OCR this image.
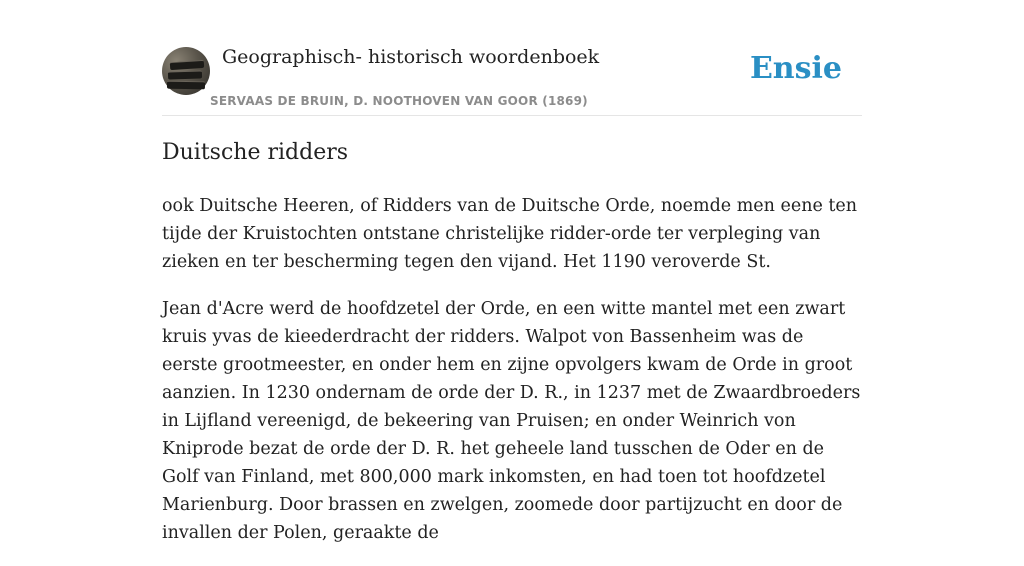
Geographisch- historisch woordenboek
SERVAAS DE BRUIN, D. NOOTHOVEN VAN GOOR (1869)
Ensie
Duitsche ridders

ook Duitsche Heeren, of Ridders van de Duitsche Orde, noemde men eene ten tijde der Kruistochten ontstane christelijke ridder-orde ter verpleging van zieken en ter bescherming tegen den vijand. Het 1190 veroverde St.

Jean d'Acre werd de hoofdzetel der Orde, en een witte mantel met een zwart kruis yvas de kieederdracht der ridders. Walpot von Bassenheim was de eerste grootmeester, en onder hem en zijne opvolgers kwam de Orde in groot aanzien. In 1230 ondernam de orde der D. R., in 1237 met de Zwaardbroeders in Lijfland vereenigd, de bekeering van Pruisen; en onder Weinrich von Kniprode bezat de orde der D. R. het geheele land tusschen de Oder en de Golf van Finland, met 800,000 mark inkomsten, en had toen tot hoofdzetel Marienburg. Door brassen en zwelgen, zoomede door partijzucht en door de invallen der Polen, geraakte de
